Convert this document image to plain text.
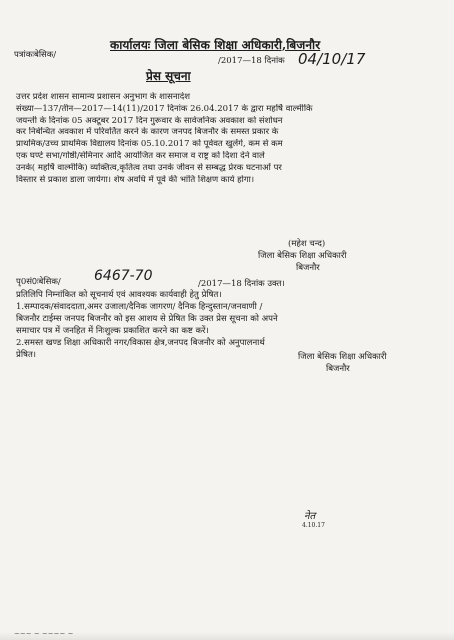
कार्यालयः जिला बेसिक शिक्षा अधिकारी,बिजनौर
पत्रांकःबेसिक/
/2017—18 दिनांक 04/10/17
प्रेस सूचना
उत्तर प्रदेश शासन सामान्य प्रशासन अनुभाग के शासनादेश
संख्या—137/तीन—2017—14(11)/2017 दिनांक 26.04.2017 के द्वारा महर्षि वाल्मीकि
जयन्ती के दिनांक 05 अक्टूबर 2017 दिन गुरूवार के सार्वजनिक अवकाश को संशोधन
कर निर्बन्धित अवकाश में परिवर्तित करने के कारण जनपद बिजनौर के समस्त प्रकार के
प्राथमिक/उच्च प्राथमिक विद्यालय दिनांक 05.10.2017 को पूर्ववत खुलेंगे, कम से कम
एक घण्टे सभा/गोष्ठी/सेमिनार आदि आयोजित कर समाज व राष्ट्र को दिशा देने वाले
उनके( महर्षि वाल्मीकि) व्यक्तित्व,कृतित्व तथा उनके जीवन से सम्बद्ध प्रेरक घटनाओं पर
विस्तार से प्रकाश डाला जायेगा। शेष अवधि में पूर्व की भांति शिक्षण कार्य होगा।
(महेश चन्द)
जिला बेसिक शिक्षा अधिकारी
बिजनौर
पृ0सं0ःबेसिक/ 6467-70	/2017—18 दिनांक उक्त।
प्रतिलिपि निम्नांकित को सूचनार्थ एवं आवश्यक कार्यवाही हेतु प्रेषित।
1.सम्पादक/संवाददाता,अमर उजाला/दैनिक जागरण/ दैनिक हिन्दुस्तान/जनवाणी /
बिजनौर टाईम्स जनपद बिजनौर को इस आशय से प्रेषित कि उक्त प्रेस सूचना को अपने
समाचार पत्र में जनहित में निःशुल्क प्रकाशित करने का कष्ट करें।
2.समस्त खण्ड शिक्षा अधिकारी नगर/विकास क्षेत्र,जनपद बिजनौर को अनुपालनार्थ
प्रेषित।	जिला बेसिक शिक्षा अधिकारी
बिजनौर
नेत
4.10.17
~~~ ~ ~~~~ ~
